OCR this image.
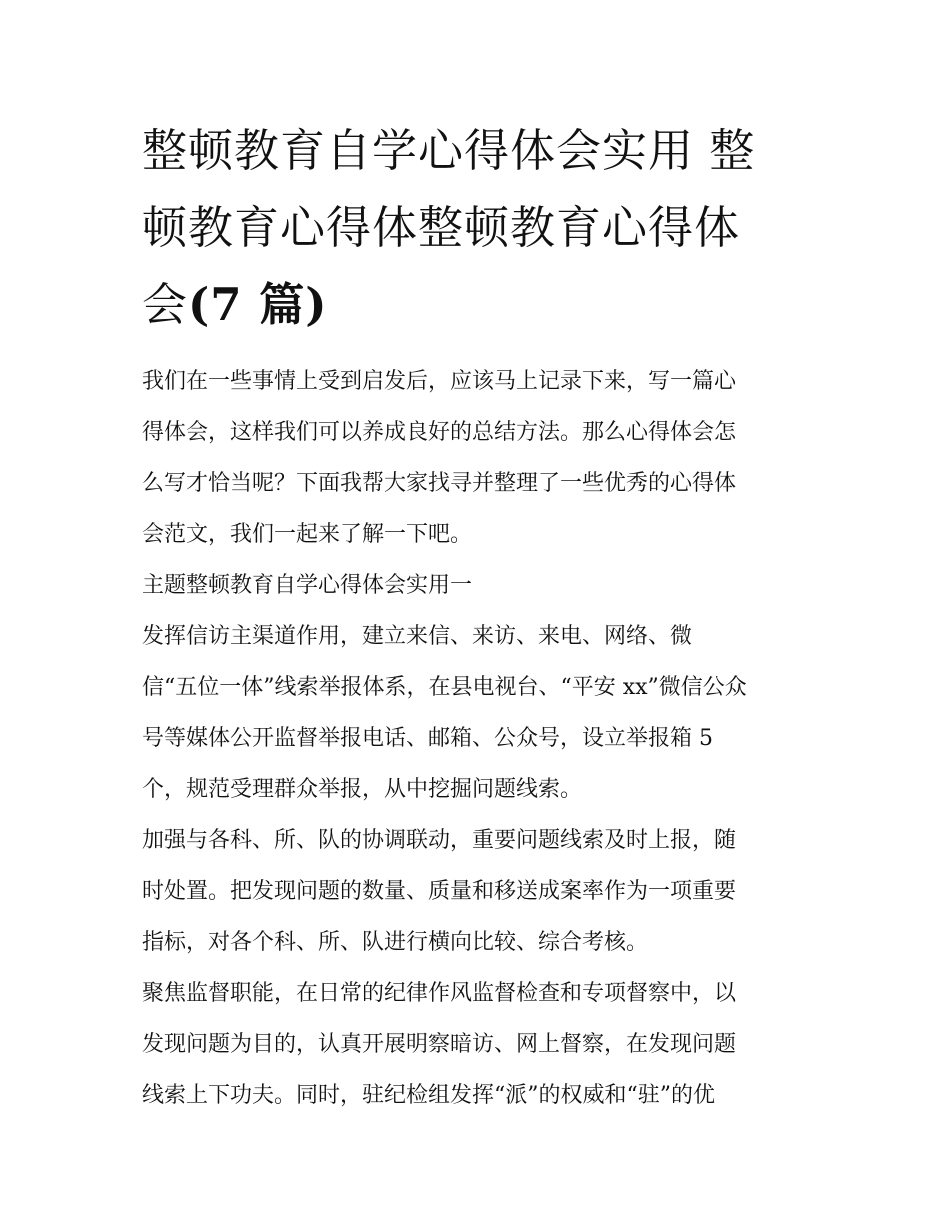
整顿教育自学心得体会实用 整
顿教育心得体整顿教育心得体
会(7 篇)

我们在一些事情上受到启发后，应该马上记录下来，写一篇心
得体会，这样我们可以养成良好的总结方法。那么心得体会怎
么写才恰当呢？下面我帮大家找寻并整理了一些优秀的心得体
会范文，我们一起来了解一下吧。

主题整顿教育自学心得体会实用一

发挥信访主渠道作用，建立来信、来访、来电、网络、微
信“五位一体”线索举报体系，在县电视台、“平安 xx”微信公众
号等媒体公开监督举报电话、邮箱、公众号，设立举报箱 5
个，规范受理群众举报，从中挖掘问题线索。

加强与各科、所、队的协调联动，重要问题线索及时上报，随
时处置。把发现问题的数量、质量和移送成案率作为一项重要
指标，对各个科、所、队进行横向比较、综合考核。

聚焦监督职能，在日常的纪律作风监督检查和专项督察中，以
发现问题为目的，认真开展明察暗访、网上督察，在发现问题
线索上下功夫。同时，驻纪检组发挥“派”的权威和“驻”的优
